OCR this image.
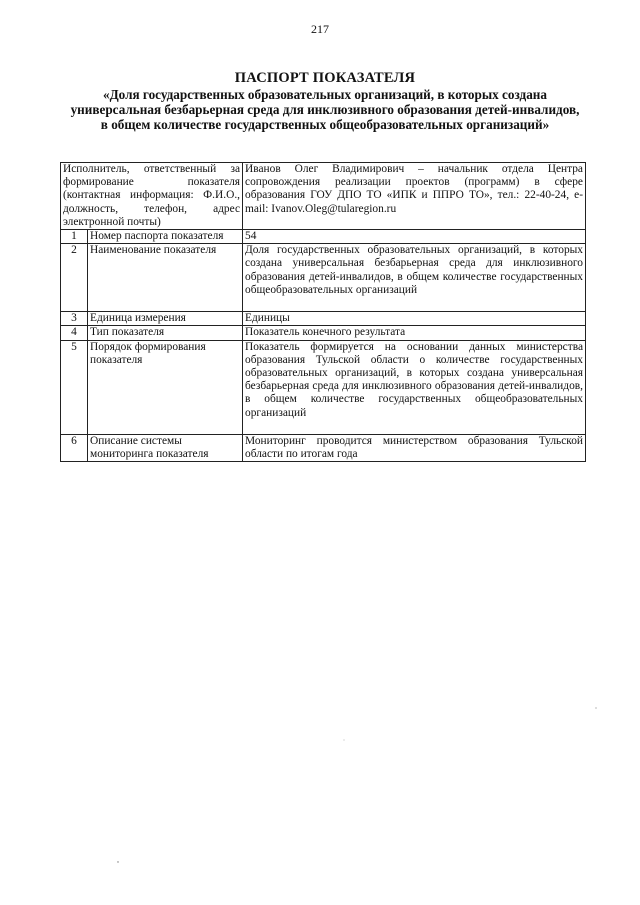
217
ПАСПОРТ ПОКАЗАТЕЛЯ
«Доля государственных образовательных организаций, в которых создана универсальная безбарьерная среда для инклюзивного образования детей-инвалидов, в общем количестве государственных общеобразовательных организаций»
Исполнитель, ответственный за формирование показателя (контактная информация: Ф.И.О., должность, телефон, адрес электронной почты)		Иванов Олег Владимирович – начальник отдела Центра сопровождения реализации проектов (программ) в сфере образования ГОУ ДПО ТО «ИПК и ППРО ТО», тел.: 22-40-24, e-mail: Ivanov.Oleg@tularegion.ru
1	Номер паспорта показателя	54
2	Наименование показателя	Доля государственных образовательных организаций, в которых создана универсальная безбарьерная среда для инклюзивного образования детей-инвалидов, в общем количестве государственных общеобразовательных организаций
3	Единица измерения	Единицы
4	Тип показателя	Показатель конечного результата
5	Порядок формирования показателя	Показатель формируется на основании данных министерства образования Тульской области о количестве государственных образовательных организаций, в которых создана универсальная безбарьерная среда для инклюзивного образования детей-инвалидов, в общем количестве государственных общеобразовательных организаций
6	Описание системы мониторинга показателя	Мониторинг проводится министерством образования Тульской области по итогам года
